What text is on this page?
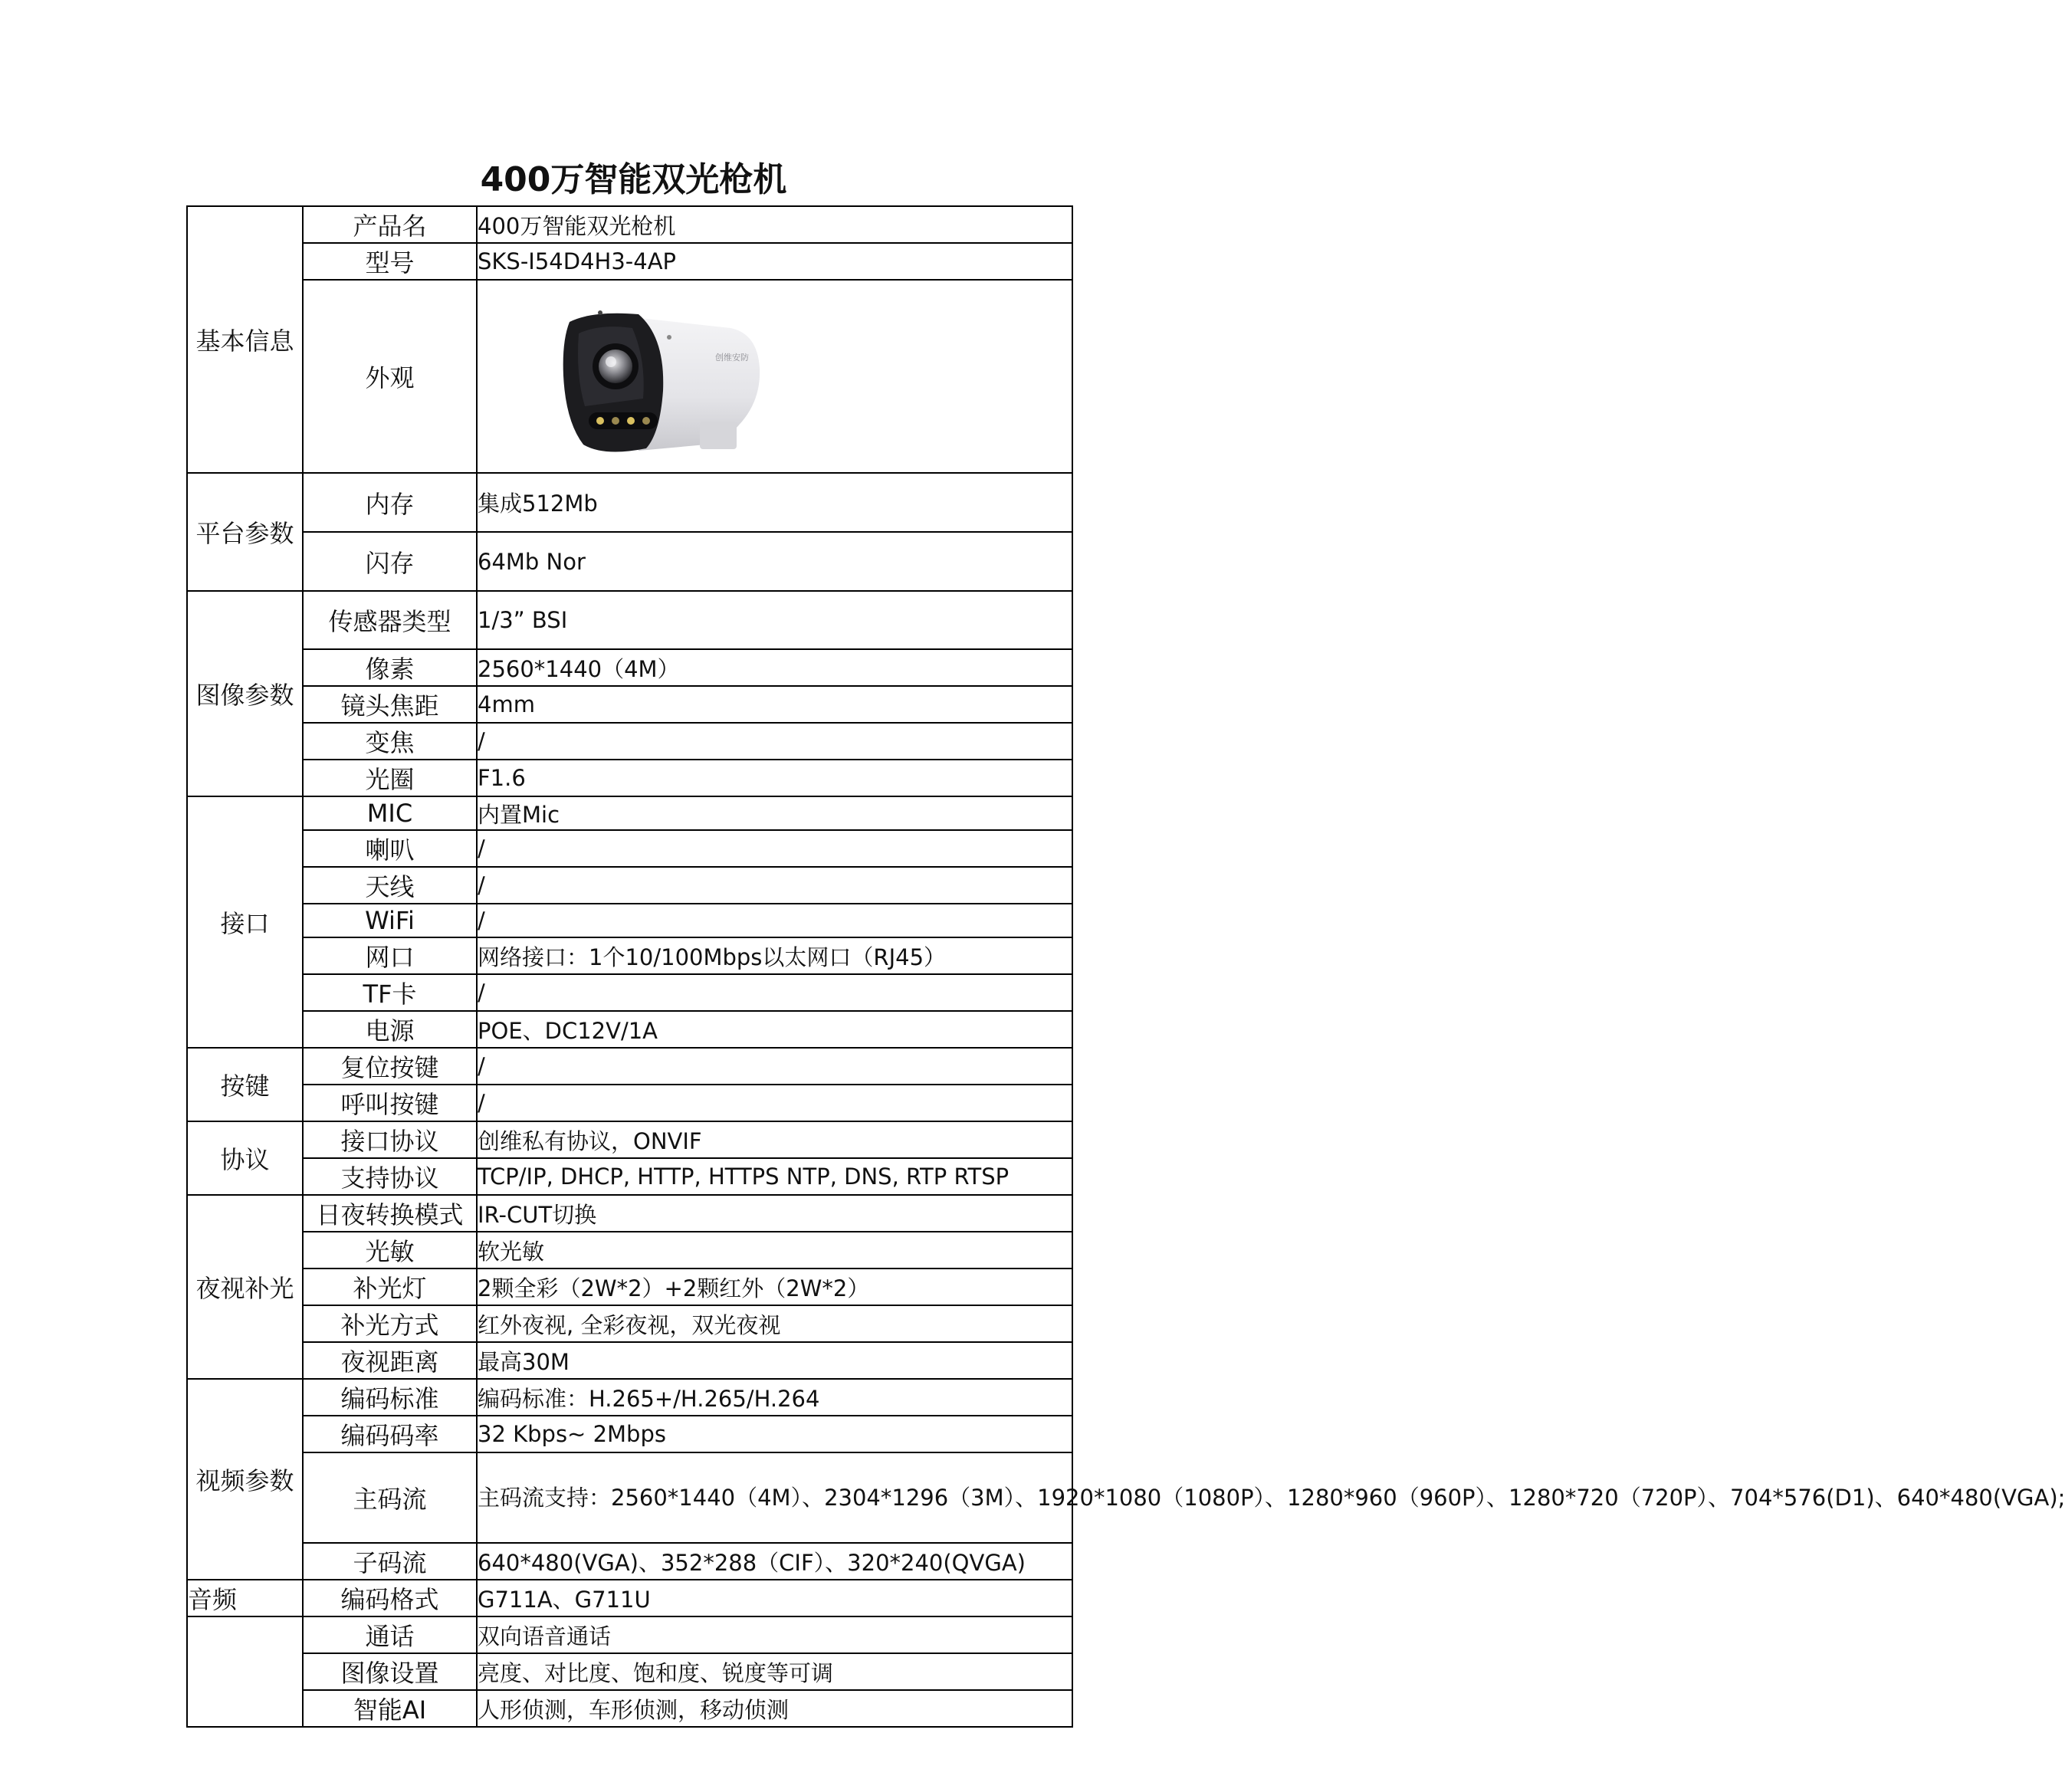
400万智能双光枪机
基本信息	产品名	400万智能双光枪机
	型号	SKS-I54D4H3-4AP
	外观	创维安防

平台参数	内存	集成512Mb
	闪存	64Mb Nor
图像参数	传感器类型	1/3” BSI
	像素	2560*1440（4M）
	镜头焦距	4mm
	变焦	/
	光圈	F1.6
接口	MIC	内置Mic
	喇叭	/
	天线	/
	WiFi	/
	网口	网络接口：1个10/100Mbps以太网口（RJ45）
	TF卡	/
	电源	POE、DC12V/1A
按键	复位按键	/
	呼叫按键	/
协议	接口协议	创维私有协议，ONVIF
	支持协议	TCP/IP, DHCP, HTTP, HTTPS NTP, DNS, RTP RTSP
夜视补光	日夜转换模式	IR-CUT切换
	光敏	软光敏
	补光灯	2颗全彩（2W*2）+2颗红外（2W*2）
	补光方式	红外夜视, 全彩夜视，双光夜视
	夜视距离	最高30M
视频参数	编码标准	编码标准：H.265+/H.265/H.264
	编码码率	32 Kbps~ 2Mbps
	主码流	主码流支持：2560*1440（4M）、2304*1296（3M）、1920*1080（1080P）、1280*960（960P）、1280*720（720P）、704*576(D1)、640*480(VGA);
	子码流	640*480(VGA)、352*288（CIF）、320*240(QVGA)
音频	编码格式	G711A、G711U
	通话	双向语音通话
	图像设置	亮度、对比度、饱和度、锐度等可调
	智能AI	人形侦测，车形侦测，移动侦测
